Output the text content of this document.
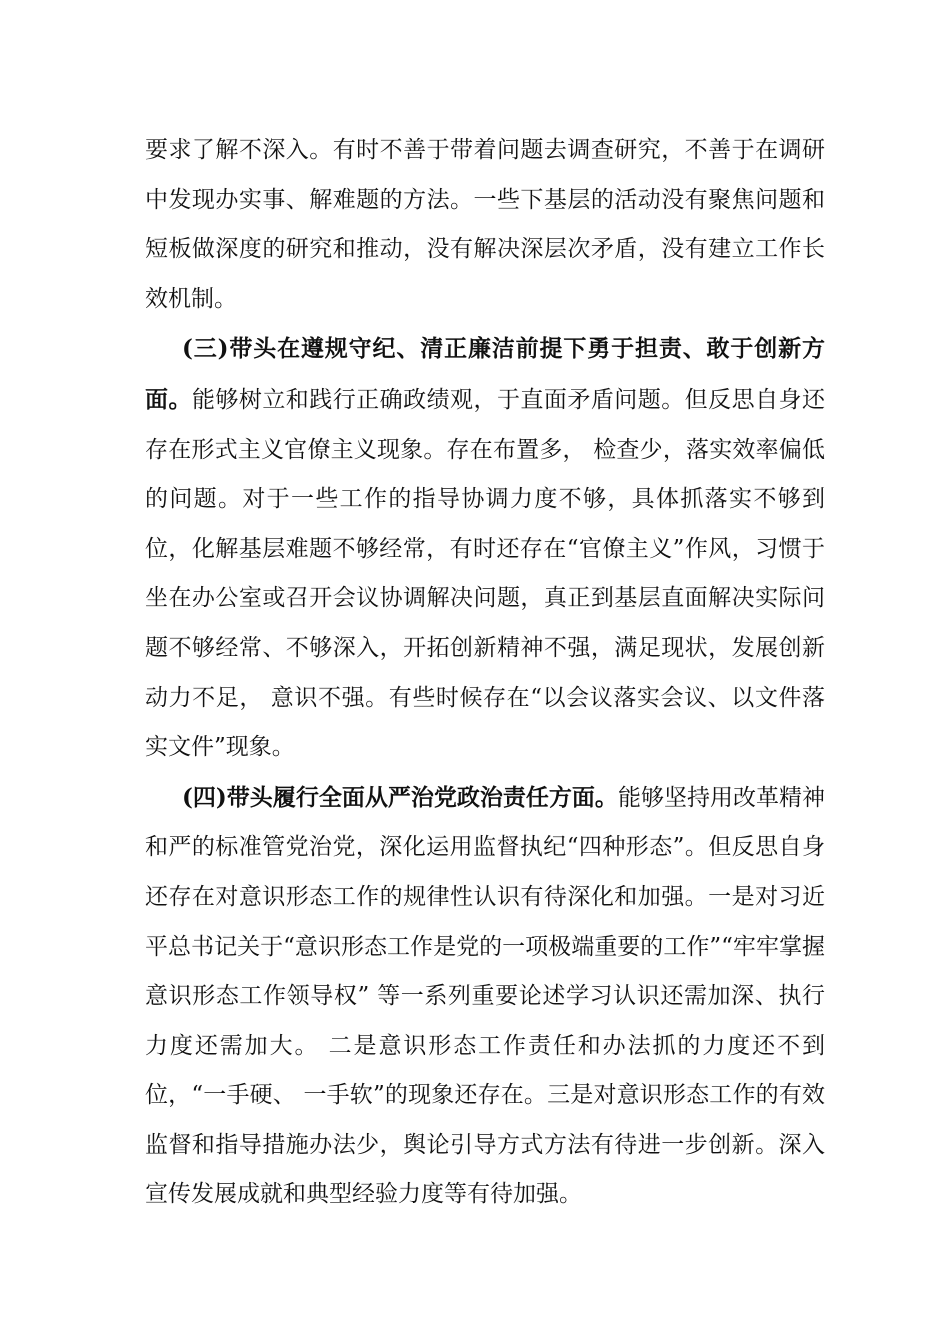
要求了解不深入。有时不善于带着问题去调查研究，不善于在调研中发现办实事、解难题的方法。一些下基层的活动没有聚焦问题和短板做深度的研究和推动，没有解决深层次矛盾，没有建立工作长效机制。

(三)带头在遵规守纪、清正廉洁前提下勇于担责、敢于创新方面。能够树立和践行正确政绩观，于直面矛盾问题。但反思自身还存在形式主义官僚主义现象。存在布置多， 检查少，落实效率偏低的问题。对于一些工作的指导协调力度不够，具体抓落实不够到位，化解基层难题不够经常，有时还存在“官僚主义”作风，习惯于坐在办公室或召开会议协调解决问题，真正到基层直面解决实际问题不够经常、不够深入，开拓创新精神不强，满足现状，发展创新动力不足， 意识不强。有些时候存在“以会议落实会议、以文件落实文件”现象。

(四)带头履行全面从严治党政治责任方面。能够坚持用改革精神和严的标准管党治党，深化运用监督执纪“四种形态”。但反思自身还存在对意识形态工作的规律性认识有待深化和加强。一是对习近平总书记关于“意识形态工作是党的一项极端重要的工作”“牢牢掌握意识形态工作领导权” 等一系列重要论述学习认识还需加深、执行力度还需加大。 二是意识形态工作责任和办法抓的力度还不到位，“一手硬、 一手软”的现象还存在。三是对意识形态工作的有效监督和指导措施办法少，舆论引导方式方法有待进一步创新。深入宣传发展成就和典型经验力度等有待加强。
